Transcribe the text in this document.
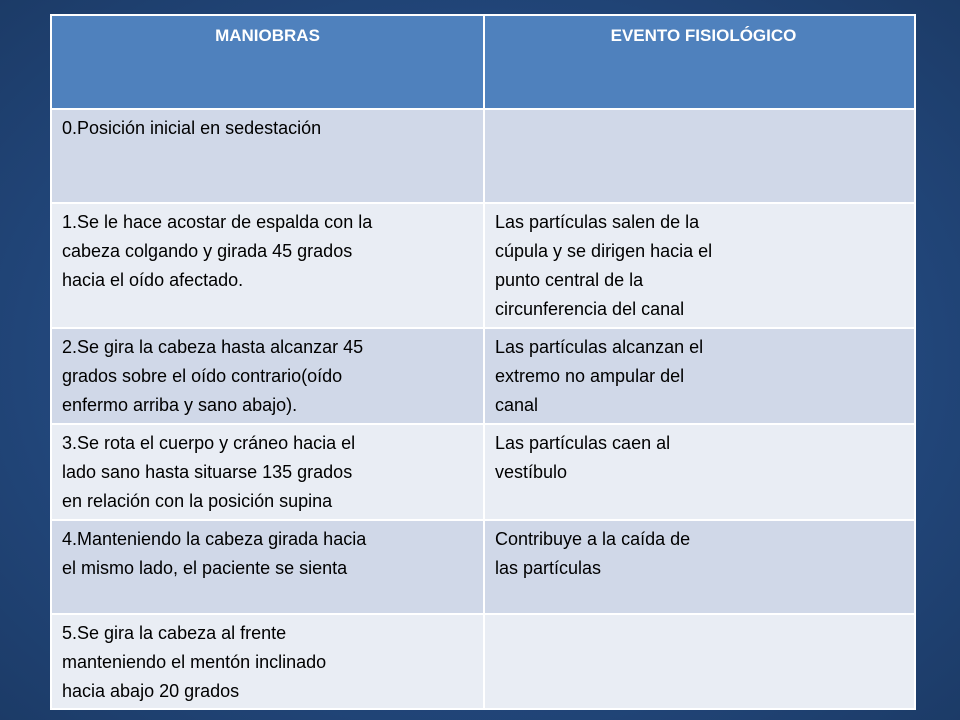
MANIOBRAS	EVENTO FISIOLÓGICO

0.Posición inicial en sedestación	

1.Se le hace acostar de espalda con la
cabeza colgando y girada 45 grados
hacia el oído afectado.	Las partículas salen de la
cúpula y se dirigen hacia el
punto central de la
circunferencia del canal

2.Se gira la cabeza hasta alcanzar 45
grados sobre el oído contrario(oído
enfermo arriba y sano abajo).	Las partículas alcanzan el
extremo no ampular del
canal

3.Se rota el cuerpo y cráneo hacia el
lado sano hasta situarse 135 grados
en relación con la posición supina	Las partículas caen al
vestíbulo

4.Manteniendo la cabeza girada hacia
el mismo lado, el paciente se sienta	Contribuye a la caída de
las partículas

5.Se gira la cabeza al frente
manteniendo el mentón inclinado
hacia abajo 20 grados	
